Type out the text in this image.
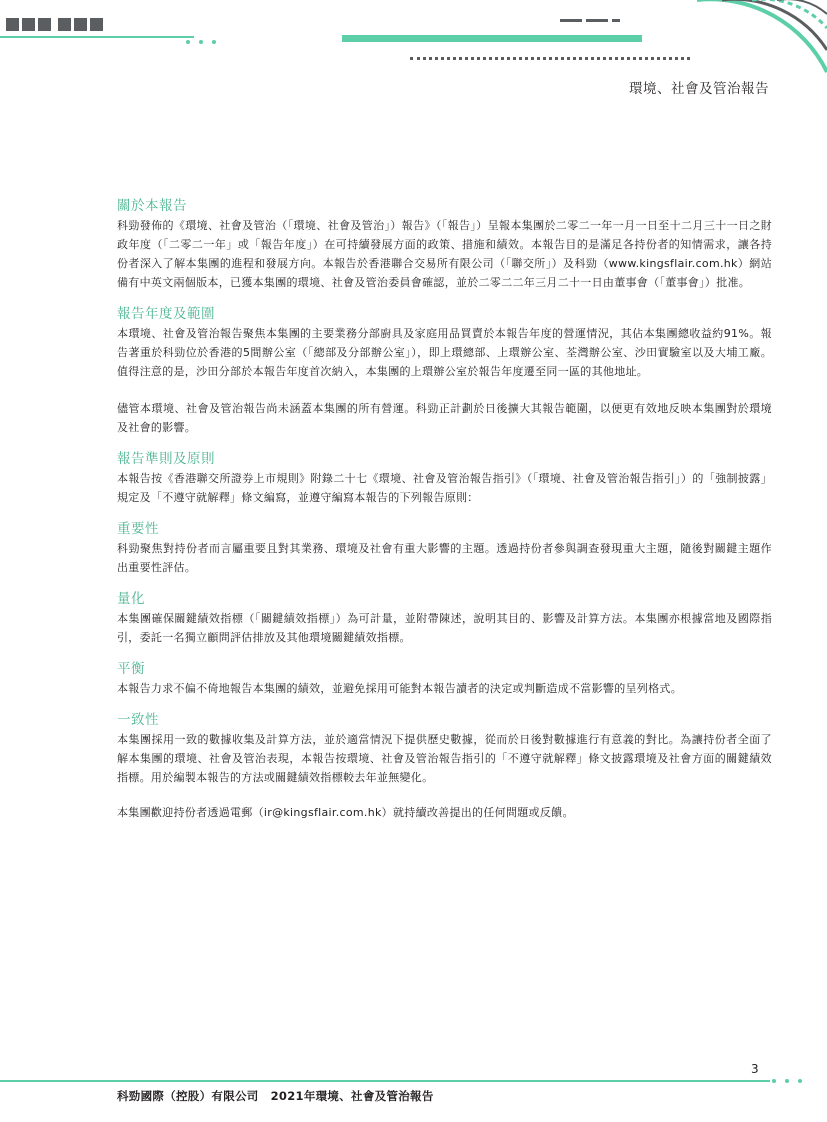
環境、社會及管治報告
關於本報告

科勁發佈的《環境、社會及管治（「環境、社會及管治」）報告》（「報告」）呈報本集團於二零二一年一月一日至十二月三十一日之財政年度（「二零二一年」或「報告年度」）在可持續發展方面的政策、措施和績效。本報告目的是滿足各持份者的知情需求，讓各持份者深入了解本集團的進程和發展方向。本報告於香港聯合交易所有限公司（「聯交所」）及科勁（www.kingsflair.com.hk）網站備有中英文兩個版本，已獲本集團的環境、社會及管治委員會確認，並於二零二二年三月二十一日由董事會（「董事會」）批准。

報告年度及範圍

本環境、社會及管治報告聚焦本集團的主要業務分部廚具及家庭用品買賣於本報告年度的營運情況，其佔本集團總收益約91%。報告著重於科勁位於香港的5間辦公室（「總部及分部辦公室」），即上環總部、上環辦公室、荃灣辦公室、沙田實驗室以及大埔工廠。值得注意的是，沙田分部於本報告年度首次納入，本集團的上環辦公室於報告年度遷至同一區的其他地址。

儘管本環境、社會及管治報告尚未涵蓋本集團的所有營運。科勁正計劃於日後擴大其報告範圍，以便更有效地反映本集團對於環境及社會的影響。

報告準則及原則

本報告按《香港聯交所證券上市規則》附錄二十七《環境、社會及管治報告指引》（「環境、社會及管治報告指引」）的「強制披露」規定及「不遵守就解釋」條文編寫，並遵守編寫本報告的下列報告原則：

重要性

科勁聚焦對持份者而言屬重要且對其業務、環境及社會有重大影響的主題。透過持份者參與調查發現重大主題，隨後對關鍵主題作出重要性評估。

量化

本集團確保關鍵績效指標（「關鍵績效指標」）為可計量，並附帶陳述，說明其目的、影響及計算方法。本集團亦根據當地及國際指引，委託一名獨立顧問評估排放及其他環境關鍵績效指標。

平衡

本報告力求不偏不倚地報告本集團的績效，並避免採用可能對本報告讀者的決定或判斷造成不當影響的呈列格式。

一致性

本集團採用一致的數據收集及計算方法，並於適當情況下提供歷史數據，從而於日後對數據進行有意義的對比。為讓持份者全面了解本集團的環境、社會及管治表現，本報告按環境、社會及管治報告指引的「不遵守就解釋」條文披露環境及社會方面的關鍵績效指標。用於編製本報告的方法或關鍵績效指標較去年並無變化。

本集團歡迎持份者透過電郵（ir@kingsflair.com.hk）就持續改善提出的任何問題或反饋。

3
科勁國際（控股）有限公司 2021年環境、社會及管治報告
